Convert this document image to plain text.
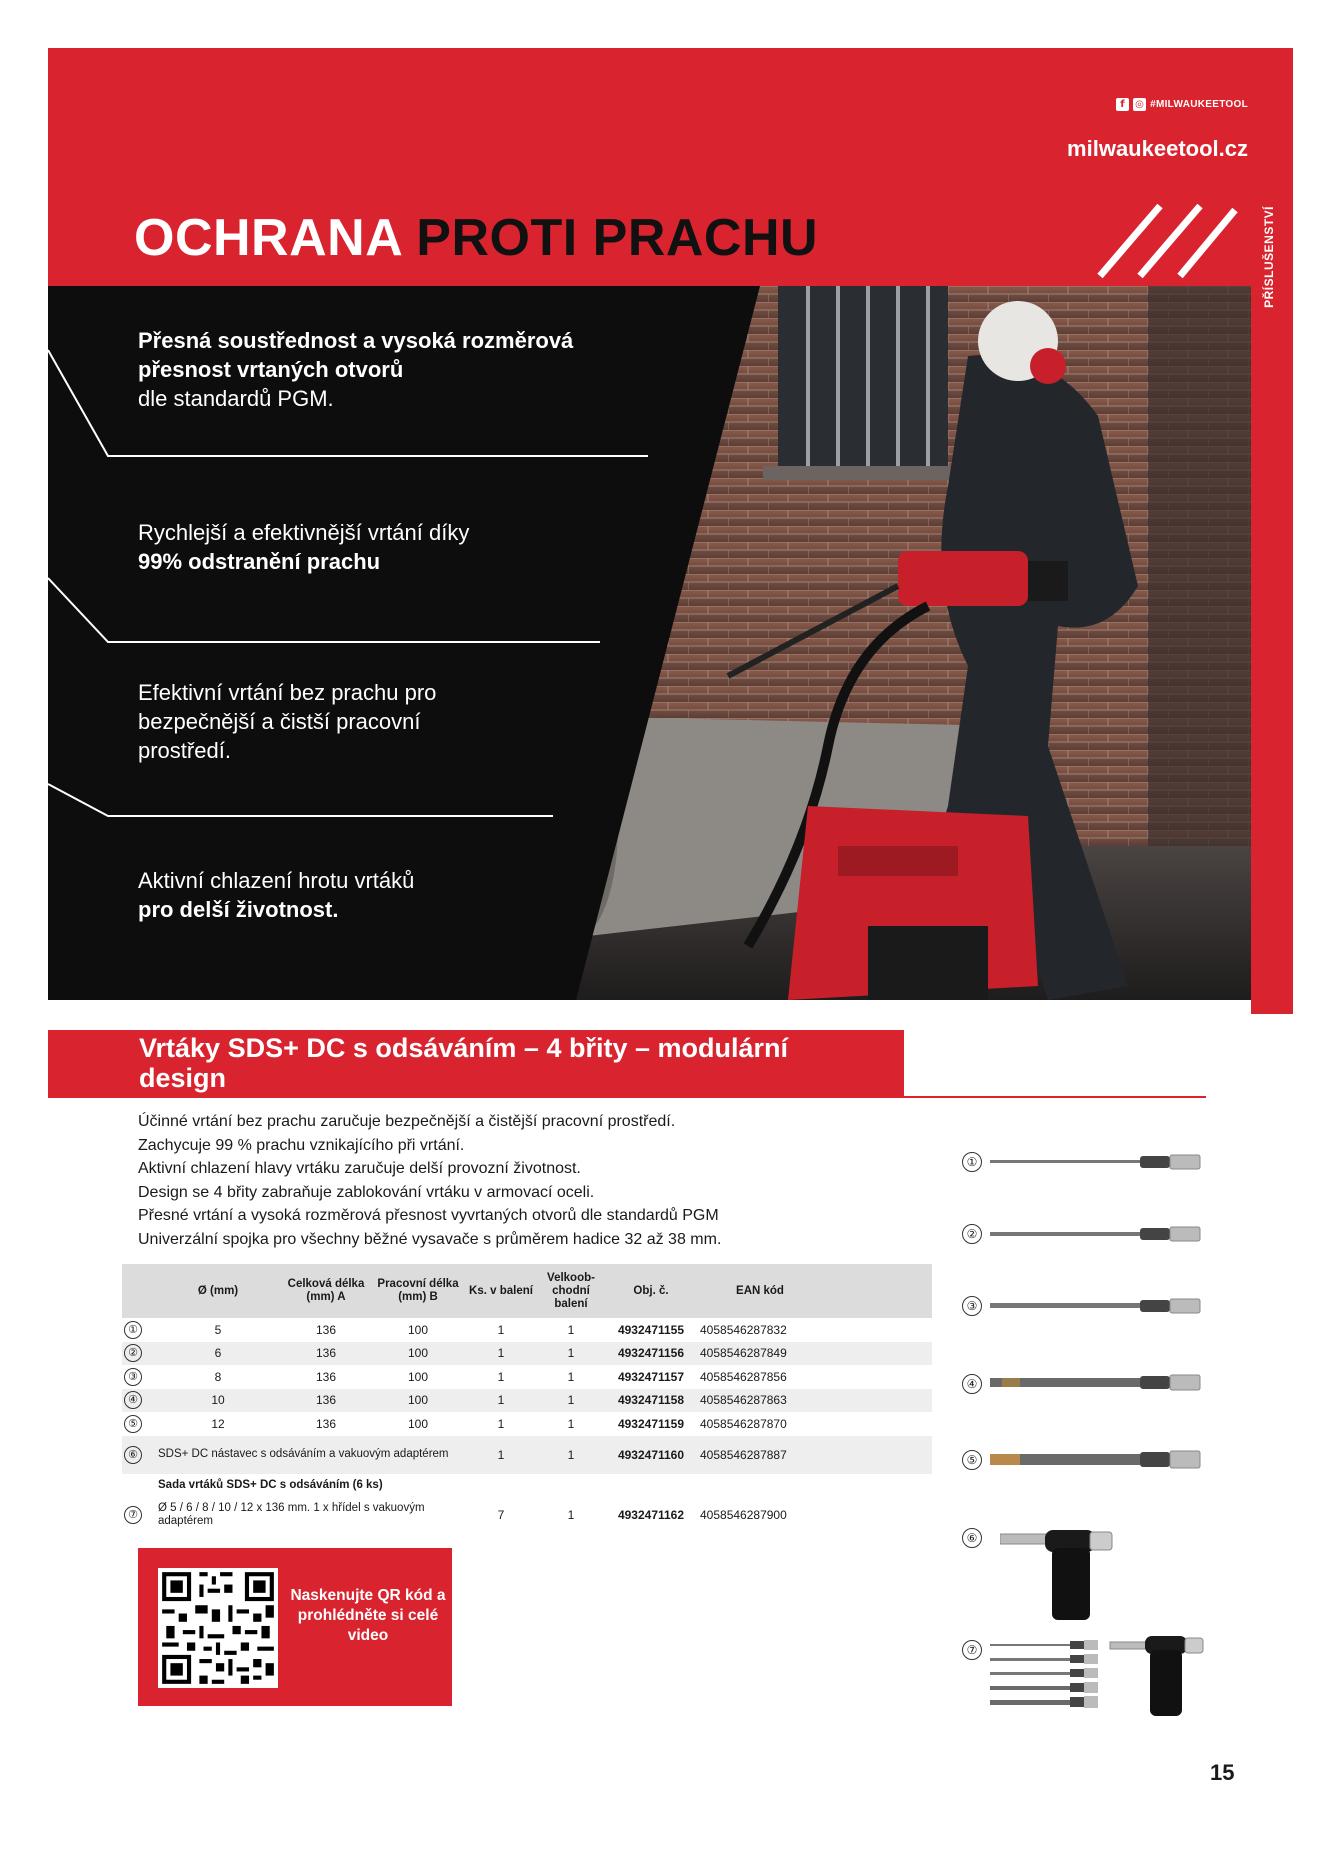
f	◎ #MILWAUKEETOOL
milwaukeetool.cz
OCHRANA PROTI PRACHU	PŘÍSLUŠENSTVÍ
Přesná soustřednost a vysoká rozměrová přesnost vrtaných otvorů
dle standardů PGM.
Rychlejší a efektivnější vrtání díky
99% odstranění prachu
Efektivní vrtání bez prachu pro bezpečnější a čistší pracovní prostředí.
Aktivní chlazení hrotu vrtáků
pro delší životnost.
Vrtáky SDS+ DC s odsáváním – 4 břity – modulární design
Účinné vrtání bez prachu zaručuje bezpečnější a čistější pracovní prostředí.
Zachycuje 99 % prachu vznikajícího při vrtání.
Aktivní chlazení hlavy vrtáku zaručuje delší provozní životnost.
Design se 4 břity zabraňuje zablokování vrtáku v armovací oceli.
Přesné vrtání a vysoká rozměrová přesnost vyvrtaných otvorů dle standardů PGM
Univerzální spojka pro všechny běžné vysavače s průměrem hadice 32 až 38 mm.
	Ø (mm)	Celková délka (mm) A	Pracovní délka (mm) B	Ks. v balení	Velkoob- chodní balení	Obj. č.	EAN kód	
①	5	136	100	1	1	4932471155	4058546287832	
②	6	136	100	1	1	4932471156	4058546287849	
③	8	136	100	1	1	4932471157	4058546287856	
④	10	136	100	1	1	4932471158	4058546287863	
⑤	12	136	100	1	1	4932471159	4058546287870	
⑥	SDS+ DC nástavec s odsáváním a vakuovým adaptérem			1	1	4932471160	4058546287887	
	Sada vrtáků SDS+ DC s odsáváním (6 ks)							
⑦	Ø 5 / 6 / 8 / 10 / 12 x 136 mm. 1 x hřídel s vakuovým adaptérem			7	1	4932471162	4058546287900	
Naskenujte QR kód a prohlédněte si celé video
①
②
③
④
⑤
⑥
⑦
15
